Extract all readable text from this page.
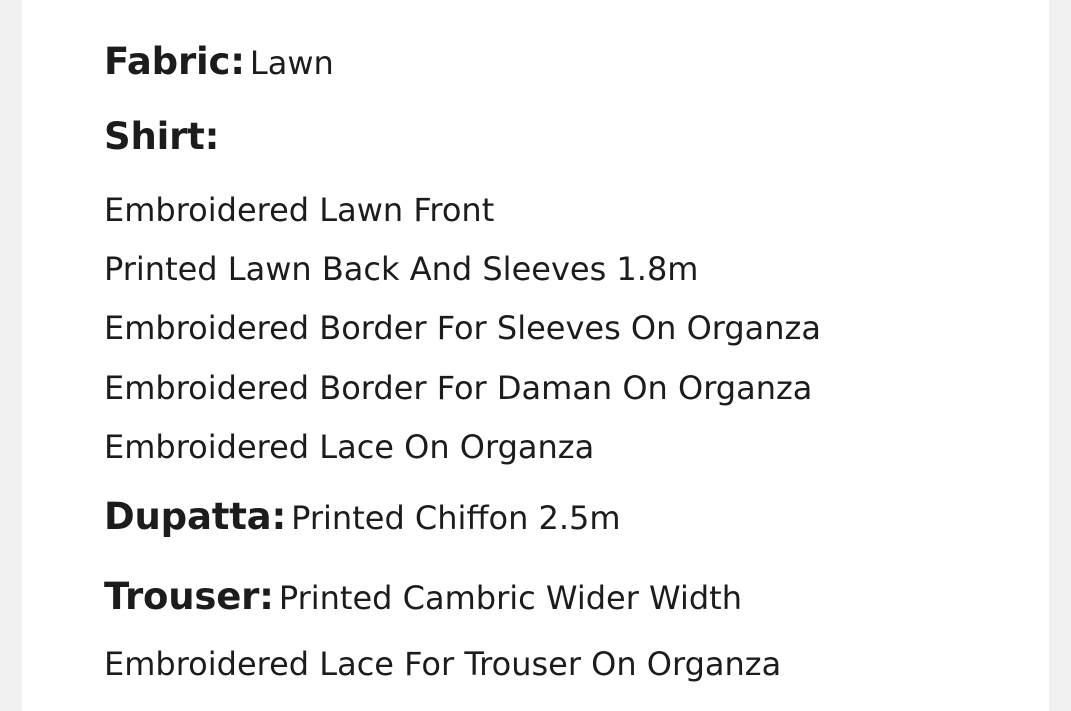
Fabric: Lawn
Shirt:
Embroidered Lawn Front
Printed Lawn Back And Sleeves 1.8m
Embroidered Border For Sleeves On Organza
Embroidered Border For Daman On Organza
Embroidered Lace On Organza
Dupatta: Printed Chiffon 2.5m
Trouser: Printed Cambric Wider Width
Embroidered Lace For Trouser On Organza
